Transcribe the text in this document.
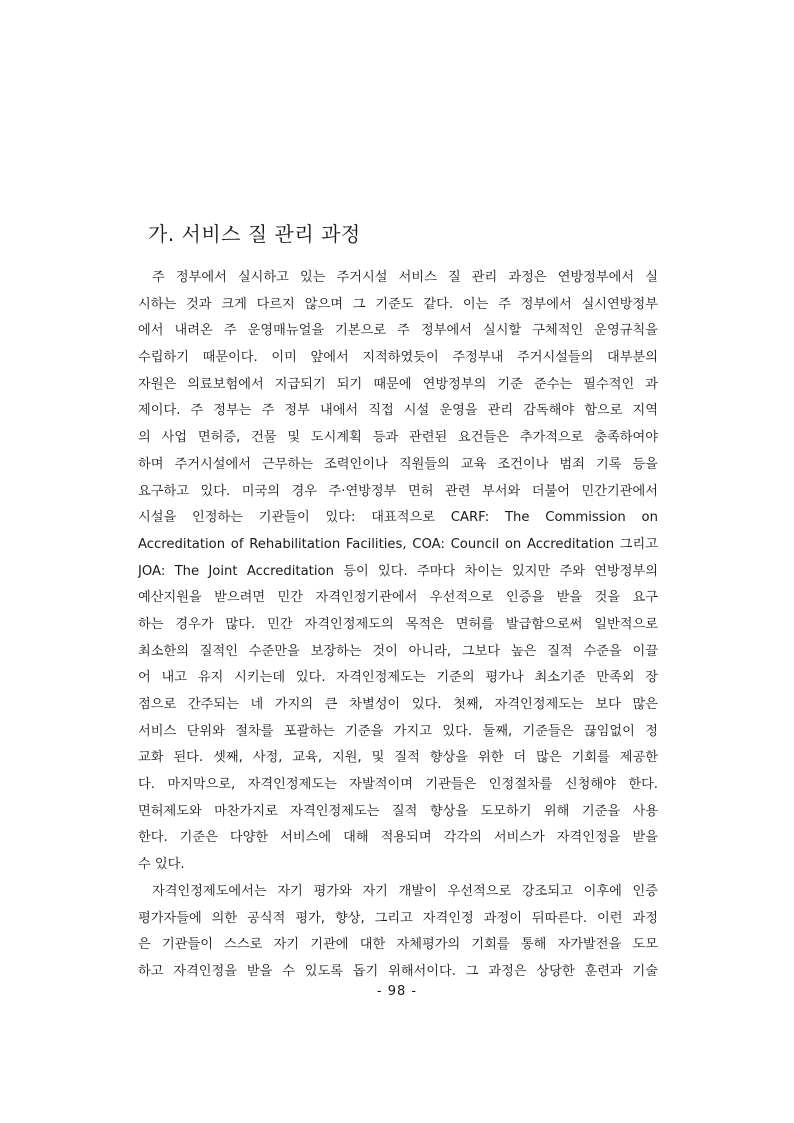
가. 서비스 질 관리 과정

주 정부에서 실시하고 있는 주거시설 서비스 질 관리 과정은 연방정부에서 실
시하는 것과 크게 다르지 않으며 그 기준도 같다. 이는 주 정부에서 실시연방정부
에서 내려온 주 운영매뉴얼을 기본으로 주 정부에서 실시할 구체적인 운영규칙을
수립하기 때문이다. 이미 앞에서 지적하였듯이 주정부내 주거시설들의 대부분의
자원은 의료보험에서 지급되기 되기 때문에 연방정부의 기준 준수는 필수적인 과
제이다. 주 정부는 주 정부 내에서 직접 시설 운영을 관리 감독해야 함으로 지역
의 사업 면허증, 건물 및 도시계획 등과 관련된 요건들은 추가적으로 충족하여야
하며 주거시설에서 근무하는 조력인이나 직원들의 교육 조건이나 범죄 기록 등을
요구하고 있다. 미국의 경우 주·연방정부 면허 관련 부서와 더불어 민간기관에서
시설을 인정하는 기관들이 있다: 대표적으로 CARF: The Commission on
Accreditation of Rehabilitation Facilities, COA: Council on Accreditation 그리고
JOA: The Joint Accreditation 등이 있다. 주마다 차이는 있지만 주와 연방정부의
예산지원을 받으려면 민간 자격인정기관에서 우선적으로 인증을 받을 것을 요구
하는 경우가 많다. 민간 자격인정제도의 목적은 면허를 발급함으로써 일반적으로
최소한의 질적인 수준만을 보장하는 것이 아니라, 그보다 높은 질적 수준을 이끌
어 내고 유지 시키는데 있다. 자격인정제도는 기준의 평가나 최소기준 만족외 장
점으로 간주되는 네 가지의 큰 차별성이 있다. 첫째, 자격인정제도는 보다 많은
서비스 단위와 절차를 포괄하는 기준을 가지고 있다. 둘째, 기준들은 끊임없이 정
교화 된다. 셋째, 사정, 교육, 지원, 및 질적 향상을 위한 더 많은 기회를 제공한
다. 마지막으로, 자격인정제도는 자발적이며 기관들은 인정절차를 신청해야 한다.
면허제도와 마찬가지로 자격인정제도는 질적 향상을 도모하기 위해 기준을 사용
한다. 기준은 다양한 서비스에 대해 적용되며 각각의 서비스가 자격인정을 받을
수 있다.

자격인정제도에서는 자기 평가와 자기 개발이 우선적으로 강조되고 이후에 인증
평가자들에 의한 공식적 평가, 향상, 그리고 자격인정 과정이 뒤따른다. 이런 과정
은 기관들이 스스로 자기 기관에 대한 자체평가의 기회를 통해 자가발전을 도모
하고 자격인정을 받을 수 있도록 돕기 위해서이다. 그 과정은 상당한 훈련과 기술

- 98 -
